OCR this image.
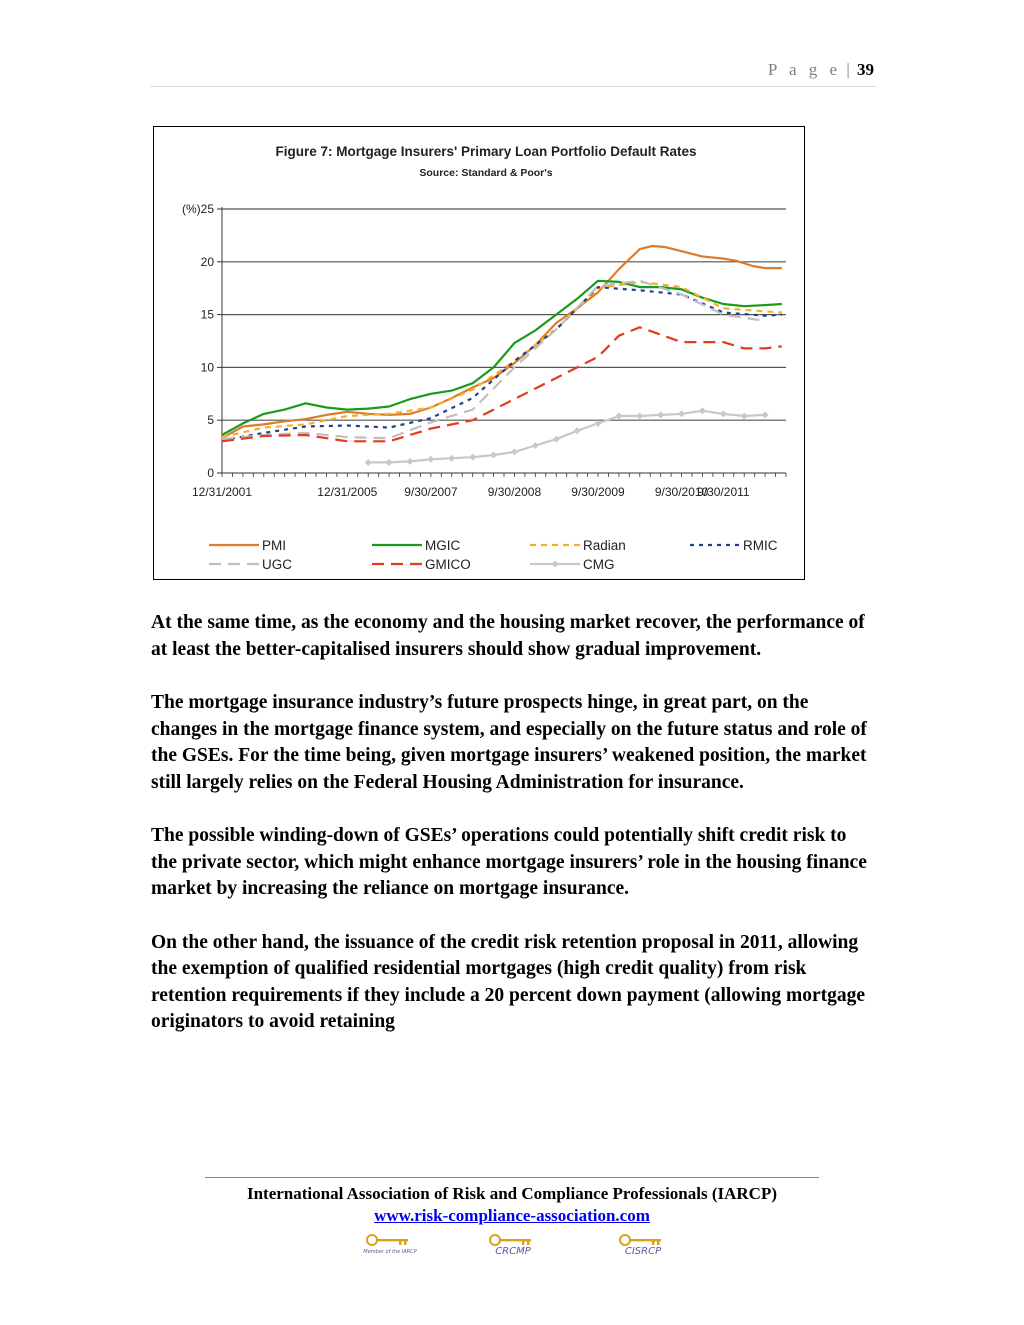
P a g e | 39
Figure 7: Mortgage Insurers' Primary Loan Portfolio Default Rates
Source: Standard & Poor's
0
5
10
15
20
(%)25
12/31/2001	12/31/2005 9/30/2007	9/30/2008	9/30/2009	9/30/2010
9/30/2011
PMI	MGIC	Radian	RMIC
UGC	GMICO	CMG

At the same time, as the economy and the housing market recover, the performance of at least the better-capitalised insurers should show gradual improvement.

The mortgage insurance industry’s future prospects hinge, in great part, on the changes in the mortgage finance system, and especially on the future status and role of the GSEs. For the time being, given mortgage insurers’ weakened position, the market still largely relies on the Federal Housing Administration for insurance.

The possible winding-down of GSEs’ operations could potentially shift credit risk to the private sector, which might enhance mortgage insurers’ role in the housing finance market by increasing the reliance on mortgage insurance.

On the other hand, the issuance of the credit risk retention proposal in 2011, allowing the exemption of qualified residential mortgages (high credit quality) from risk retention requirements if they include a 20 percent down payment (allowing mortgage originators to avoid retaining

International Association of Risk and Compliance Professionals (IARCP)
www.risk-compliance-association.com
Member of the IARCP	CRCMP	CISRCP
